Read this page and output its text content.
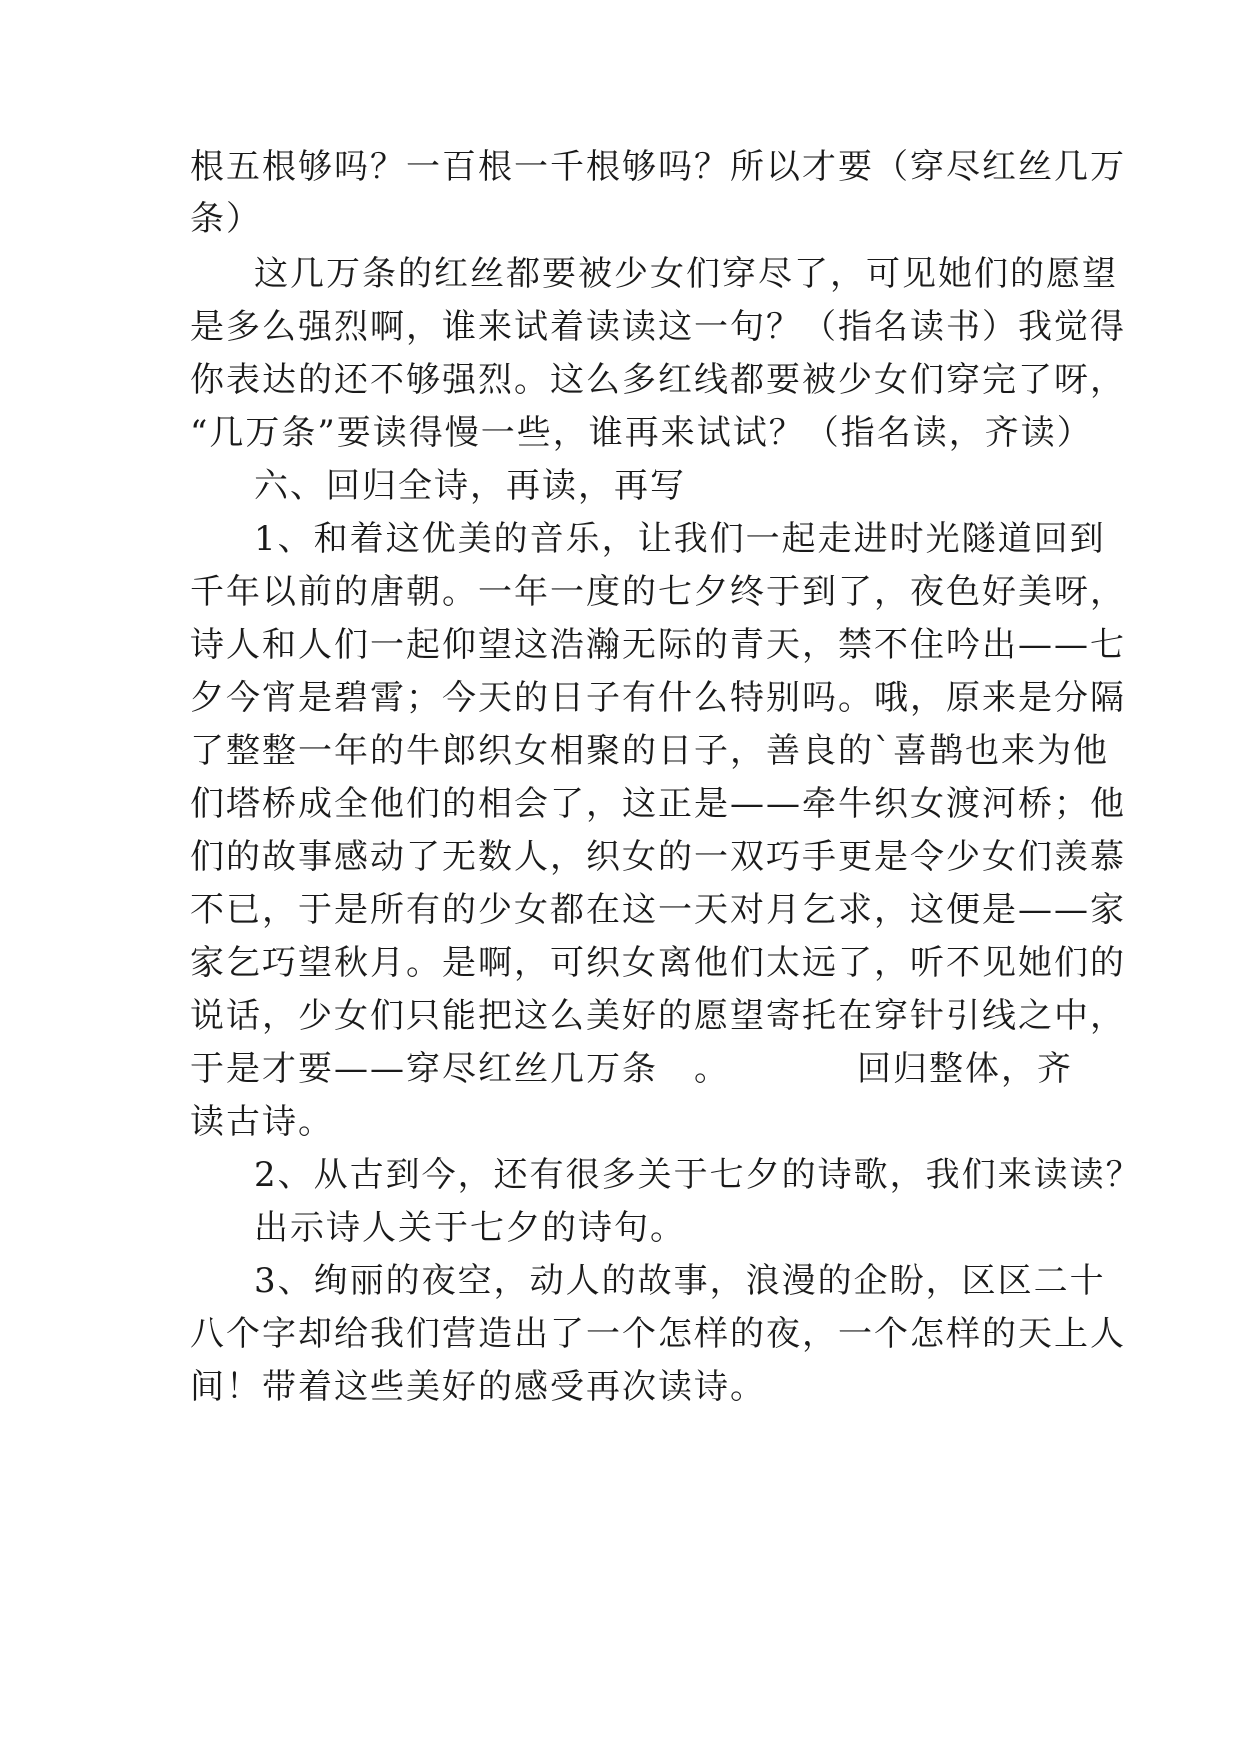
根五根够吗？一百根一千根够吗？所以才要（穿尽红丝几万
条）
这几万条的红丝都要被少女们穿尽了，可见她们的愿望
是多么强烈啊，谁来试着读读这一句？（指名读书）我觉得
你表达的还不够强烈。这么多红线都要被少女们穿完了呀，
“几万条”要读得慢一些，谁再来试试？（指名读，齐读）
六、回归全诗，再读，再写
1、和着这优美的音乐，让我们一起走进时光隧道回到
千年以前的唐朝。一年一度的七夕终于到了，夜色好美呀，
诗人和人们一起仰望这浩瀚无际的青天，禁不住吟出——七
夕今宵是碧霄；今天的日子有什么特别吗。哦，原来是分隔
了整整一年的牛郎织女相聚的日子，善良的`喜鹊也来为他
们塔桥成全他们的相会了，这正是——牵牛织女渡河桥；他
们的故事感动了无数人，织女的一双巧手更是令少女们羡慕
不已，于是所有的少女都在这一天对月乞求，这便是——家
家乞巧望秋月。是啊，可织女离他们太远了，听不见她们的
说话，少女们只能把这么美好的愿望寄托在穿针引线之中，
于是才要——穿尽红丝几万条　。　　　　回归整体，齐
读古诗。
2、从古到今，还有很多关于七夕的诗歌，我们来读读？
出示诗人关于七夕的诗句。
3、绚丽的夜空，动人的故事，浪漫的企盼，区区二十
八个字却给我们营造出了一个怎样的夜，一个怎样的天上人
间！带着这些美好的感受再次读诗。
